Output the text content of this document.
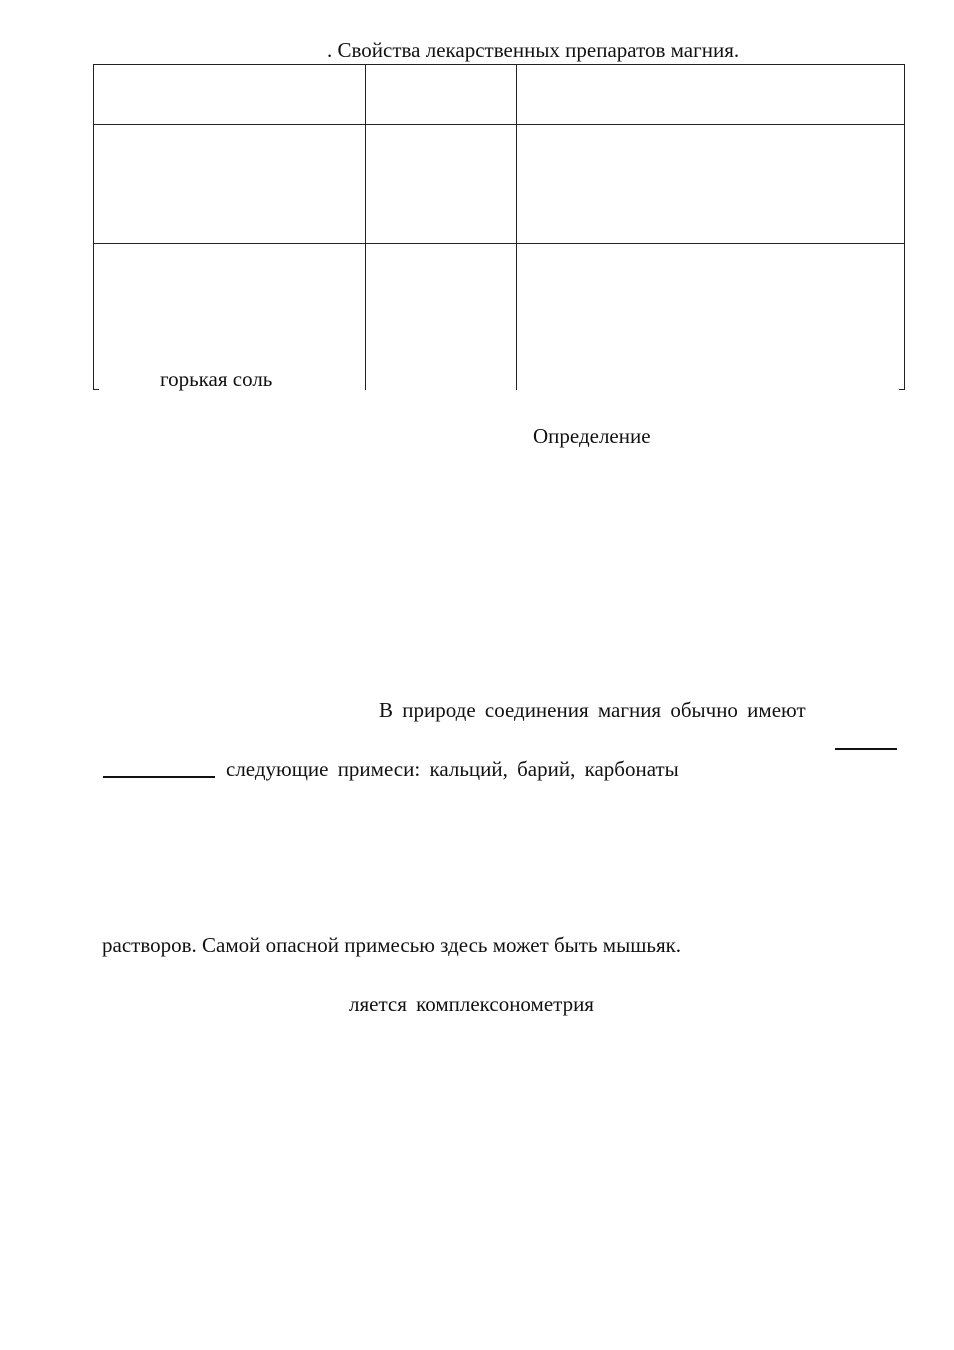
. Свойства лекарственных препаратов магния.
горькая соль
Определение
В природе соединения магния обычно имеют
следующие примеси: кальций, барий, карбонаты
растворов. Самой опасной примесью здесь может быть мышьяк.
ляется комплексонометрия
